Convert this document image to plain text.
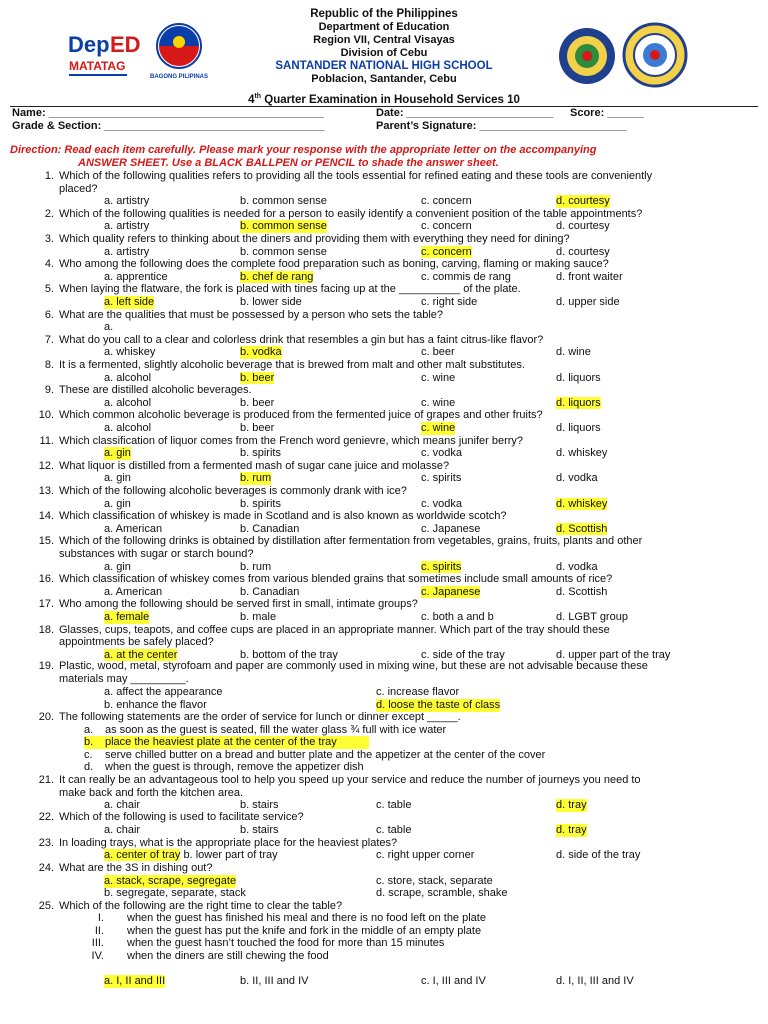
Dep ED
MATATAG
BAGONG PILIPINAS
Republic of the Philippines
Department of Education
Region VII, Central Visayas
Division of Cebu
SANTANDER NATIONAL HIGH SCHOOL
Poblacion, Santander, Cebu
4th Quarter Examination in Household Services 10
Name: _____________________________________________	Date: ________________________ Score: ______
Grade & Section: ____________________________________	Parent’s Signature: ________________________
Direction: Read each item carefully. Please mark your response with the appropriate letter on the accompanying
ANSWER SHEET. Use a BLACK BALLPEN or PENCIL to shade the answer sheet.
1. Which of the following qualities refers to providing all the tools essential for refined eating and these tools are conveniently
placed?
a. artistry	b. common sense	c. concern	d. courtesy
2. Which of the following qualities is needed for a person to easily identify a convenient position of the table appointments?
a. artistry	b. common sense	c. concern	d. courtesy
3. Which quality refers to thinking about the diners and providing them with everything they need for dining?
a. artistry	b. common sense	c. concern	d. courtesy
4. Who among the following does the complete food preparation such as boning, carving, flaming or making sauce?
a. apprentice	b. chef de rang	c. commis de rang	d. front waiter
5. When laying the flatware, the fork is placed with tines facing up at the __________ of the plate.
a. left side	b. lower side	c. right side	d. upper side
6. What are the qualities that must be possessed by a person who sets the table?
a.
7. What do you call to a clear and colorless drink that resembles a gin but has a faint citrus-like flavor?
a. whiskey	b. vodka	c. beer	d. wine
8. It is a fermented, slightly alcoholic beverage that is brewed from malt and other malt substitutes.
a. alcohol	b. beer	c. wine	d. liquors
9. These are distilled alcoholic beverages.
a. alcohol	b. beer	c. wine	d. liquors
10. Which common alcoholic beverage is produced from the fermented juice of grapes and other fruits?
a. alcohol	b. beer	c. wine	d. liquors
11. Which classification of liquor comes from the French word genievre, which means junifer berry?
a. gin	b. spirits	c. vodka	d. whiskey
12. What liquor is distilled from a fermented mash of sugar cane juice and molasse?
a. gin	b. rum	c. spirits	d. vodka
13. Which of the following alcoholic beverages is commonly drank with ice?
a. gin	b. spirits	c. vodka	d. whiskey
14. Which classification of whiskey is made in Scotland and is also known as worldwide scotch?
a. American	b. Canadian	c. Japanese	d. Scottish
15. Which of the following drinks is obtained by distillation after fermentation from vegetables, grains, fruits, plants and other
substances with sugar or starch bound?
a. gin	b. rum	c. spirits	d. vodka
16. Which classification of whiskey comes from various blended grains that sometimes include small amounts of rice?
a. American	b. Canadian	c. Japanese	d. Scottish
17. Who among the following should be served first in small, intimate groups?
a. female	b. male	c. both a and b	d. LGBT group
18. Glasses, cups, teapots, and coffee cups are placed in an appropriate manner. Which part of the tray should these
appointments be safely placed?
a. at the center	b. bottom of the tray	c. side of the tray	d. upper part of the tray
19. Plastic, wood, metal, styrofoam and paper are commonly used in mixing wine, but these are not advisable because these
materials may _________.
a. affect the appearance	c. increase flavor
b. enhance the flavor	d. loose the taste of class
20. The following statements are the order of service for lunch or dinner except _____.
a. as soon as the guest is seated, fill the water glass ¾ full with ice water
b. place the heaviest plate at the center of the tray
c. serve chilled butter on a bread and butter plate and the appetizer at the center of the cover
d. when the guest is through, remove the appetizer dish
21. It can really be an advantageous tool to help you speed up your service and reduce the number of journeys you need to
make back and forth the kitchen area.
a. chair	b. stairs	c. table	d. tray
22. Which of the following is used to facilitate service?
a. chair	b. stairs	c. table	d. tray
23. In loading trays, what is the appropriate place for the heaviest plates?
a. center of tray b. lower part of tray	c. right upper corner	d. side of the tray
24. What are the 3S in dishing out?
a. stack, scrape, segregate	c. store, stack, separate
b. segregate, separate, stack	d. scrape, scramble, shake
25. Which of the following are the right time to clear the table?
I. when the guest has finished his meal and there is no food left on the plate
II. when the guest has put the knife and fork in the middle of an empty plate
III. when the guest hasn’t touched the food for more than 15 minutes
IV. when the diners are still chewing the food
a. I, II and III	b. II, III and IV	c. I, III and IV	d. I, II, III and IV
